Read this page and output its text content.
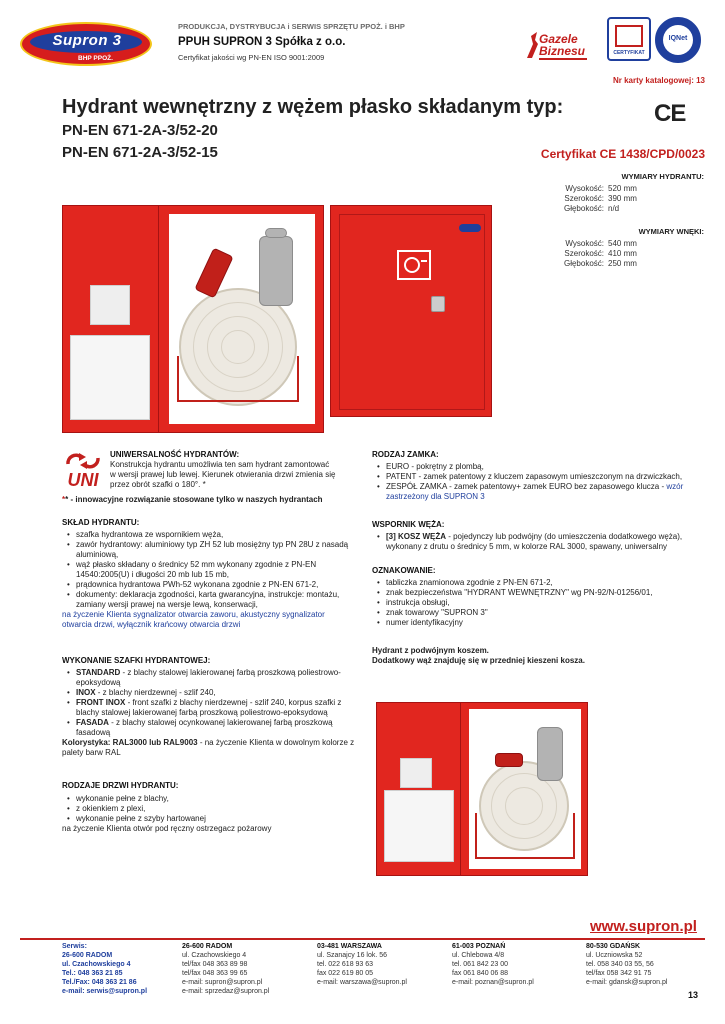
Supron 3
BHP PPOŻ.
PRODUKCJA, DYSTRYBUCJA i SERWIS SPRZĘTU PPOŻ. i BHP
PPUH SUPRON 3 Spółka z o.o.
Certyfikat jakości wg PN-EN ISO 9001:2009
Gazele
Biznesu	CERTYFIKAT
IQNet
Nr karty katalogowej: 13
Hydrant wewnętrzny z wężem płasko składanym typ:
PN-EN 671-2A-3/52-20
PN-EN 671-2A-3/52-15
CE
Certyfikat CE 1438/CPD/0023
WYMIARY HYDRANTU:
Wysokość: 520 mm
Szerokość: 390 mm
Głębokość: n/d
WYMIARY WNĘKI:
Wysokość: 540 mm
Szerokość: 410 mm
Głębokość: 250 mm
UNI
UNIWERSALNOŚĆ HYDRANTÓW:
Konstrukcja hydrantu umożliwia ten sam hydrant zamontować
w wersji prawej lub lewej. Kierunek otwierania drzwi zmienia się
przez obrót szafki o 180°. *
** - innowacyjne rozwiązanie stosowane tylko w naszych hydrantach
SKŁAD HYDRANTU:
• szafka hydrantowa ze wspornikiem węża,
• zawór hydrantowy: aluminiowy typ ZH 52 lub mosiężny typ PN 28U z nasadą
aluminiową,
• wąż płasko składany o średnicy 52 mm wykonany zgodnie z PN-EN
14540:2005(U) i długości 20 mb lub 15 mb,
• prądownica hydrantowa PWh-52 wykonana zgodnie z PN-EN 671-2,
• dokumenty: deklaracja zgodności, karta gwarancyjna, instrukcje: montażu,
zamiany wersji prawej na wersje lewą, konserwacji,
na życzenie Klienta sygnalizator otwarcia zaworu, akustyczny sygnalizator
otwarcia drzwi, wyłącznik krańcowy otwarcia drzwi
WYKONANIE SZAFKI HYDRANTOWEJ:
• STANDARD - z blachy stalowej lakierowanej farbą proszkową poliestrowo-
epoksydową
• INOX - z blachy nierdzewnej - szlif 240,
• FRONT INOX - front szafki z blachy nierdzewnej - szlif 240, korpus szafki z
blachy stalowej lakierowanej farbą proszkową poliestrowo-epoksydową
• FASADA - z blachy stalowej ocynkowanej lakierowanej farbą proszkową
fasadową
Kolorystyka: RAL3000 lub RAL9003 - na życzenie Klienta w dowolnym kolorze z
palety barw RAL
RODZAJE DRZWI HYDRANTU:
• wykonanie pełne z blachy,
• z okienkiem z plexi,
• wykonanie pełne z szyby hartowanej
na życzenie Klienta otwór pod ręczny ostrzegacz pożarowy
RODZAJ ZAMKA:
• EURO - pokrętny z plombą,
• PATENT - zamek patentowy z kluczem zapasowym umieszczonym na drzwiczkach,
• ZESPÓŁ ZAMKA - zamek patentowy+ zamek EURO bez zapasowego klucza - wzór
zastrzeżony dla SUPRON 3
WSPORNIK WĘŻA:
• [3] KOSZ WĘŻA - pojedynczy lub podwójny (do umieszczenia dodatkowego węża),
wykonany z drutu o średnicy 5 mm, w kolorze RAL 3000, spawany, uniwersalny
OZNAKOWANIE:
• tabliczka znamionowa zgodnie z PN-EN 671-2,
• znak bezpieczeństwa "HYDRANT WEWNĘTRZNY" wg PN-92/N-01256/01,
• instrukcja obsługi,
• znak towarowy "SUPRON 3"
• numer identyfikacyjny
Hydrant z podwójnym koszem.
Dodatkowy wąż znajduję się w przedniej kieszeni kosza.
www.supron.pl
Serwis:
26-600 RADOM
ul. Czachowskiego 4
Tel.: 048 363 21 85
Tel./Fax: 048 363 21 86
e-mail: serwis@supron.pl
26-600 RADOM
ul. Czachowskiego 4
tel/fax 048 363 89 98
tel/fax 048 363 99 65
e-mail: supron@supron.pl
e-mail: sprzedaz@supron.pl
03-481 WARSZAWA
ul. Szanajcy 16 lok. 56
tel. 022 618 93 63
fax 022 619 80 05
e-mail: warszawa@supron.pl
61-003 POZNAŃ
ul. Chlebowa 4/8
tel. 061 842 23 00
fax 061 840 06 88
e-mail: poznan@supron.pl
80-530 GDAŃSK
ul. Uczniowska 52
tel. 058 340 03 55, 56
tel/fax 058 342 91 75
e-mail: gdansk@supron.pl
13
